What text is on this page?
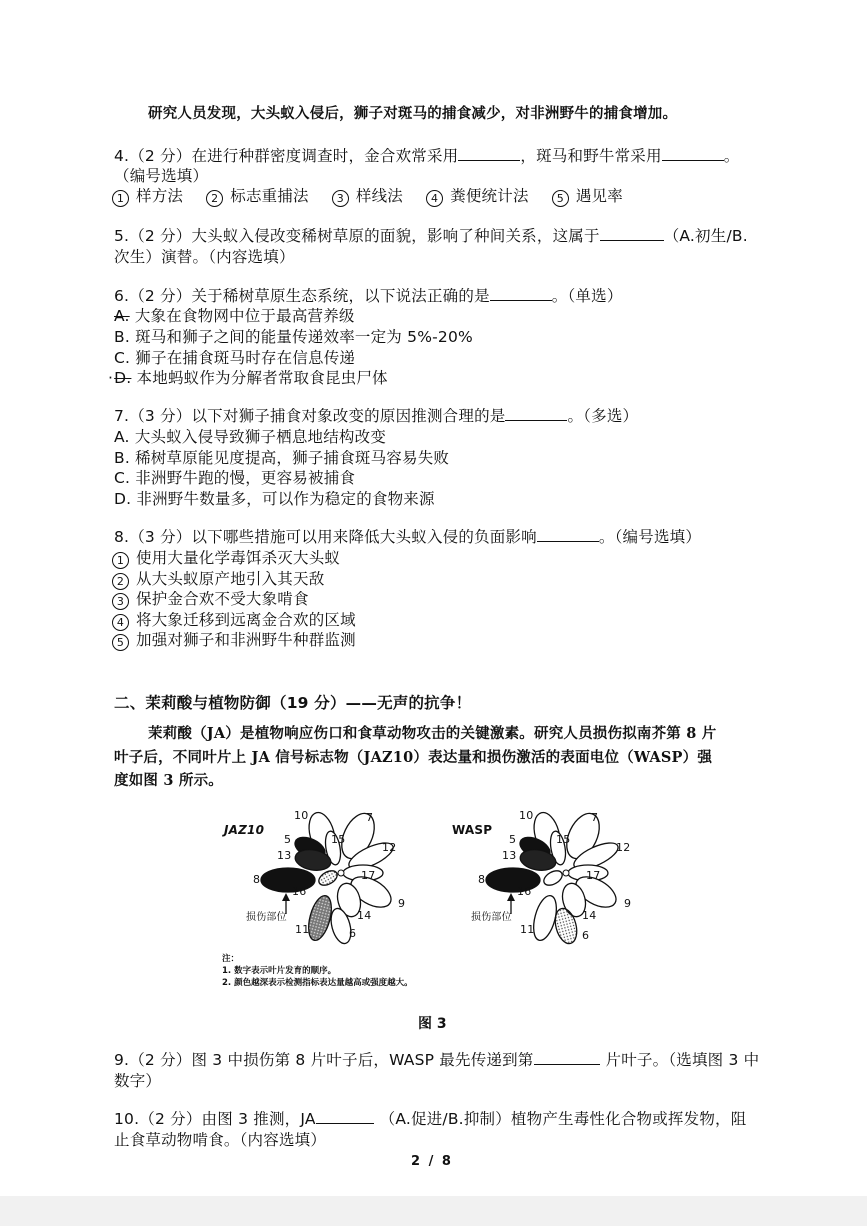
研究人员发现，大头蚁入侵后，狮子对斑马的捕食减少，对非洲野牛的捕食增加。
4.（2 分）在进行种群密度调查时，金合欢常采用	，斑马和野牛常采用	。
（编号选填）
1 样方法	2 标志重捕法	3 样线法	4 粪便统计法	5 遇见率
5.（2 分）大头蚁入侵改变稀树草原的面貌，影响了种间关系，这属于	（A.初生/B.
次生）演替。（内容选填）
6.（2 分）关于稀树草原生态系统，以下说法正确的是	。（单选）
A. 大象在食物网中位于最高营养级
B. 斑马和狮子之间的能量传递效率一定为 5%-20%
C. 狮子在捕食斑马时存在信息传递
·D. 本地蚂蚁作为分解者常取食昆虫尸体
7.（3 分）以下对狮子捕食对象改变的原因推测合理的是	。（多选）
A. 大头蚁入侵导致狮子栖息地结构改变
B. 稀树草原能见度提高，狮子捕食斑马容易失败
C. 非洲野牛跑的慢，更容易被捕食
D. 非洲野牛数量多，可以作为稳定的食物来源
8.（3 分）以下哪些措施可以用来降低大头蚁入侵的负面影响	。（编号选填）
1 使用大量化学毒饵杀灭大头蚁
2 从大头蚁原产地引入其天敌
3 保护金合欢不受大象啃食
4 将大象迁移到远离金合欢的区域
5 加强对狮子和非洲野牛种群监测
二、茉莉酸与植物防御（19 分）——无声的抗争！
茉莉酸（JA）是植物响应伤口和食草动物攻击的关键激素。研究人员损伤拟南芥第 8 片
叶子后，不同叶片上 JA 信号标志物（JAZ10）表达量和损伤激活的表面电位（WASP）强
度如图 3 所示。
JAZ10	WASP
10	7
5	15
12
13
17
8
16
9
14
11	6
损伤部位
10	7
5	15
12
13
17
8
16
9
14
11	6
损伤部位
注：
1. 数字表示叶片发育的顺序。
2. 颜色越深表示检测指标表达量越高或强度越大。
图 3
9.（2 分）图 3 中损伤第 8 片叶子后，WASP 最先传递到第	片叶子。（选填图 3 中
数字）
10.（2 分）由图 3 推测，JA	（A.促进/B.抑制）植物产生毒性化合物或挥发物，阻
止食草动物啃食。（内容选填）
2 / 8
